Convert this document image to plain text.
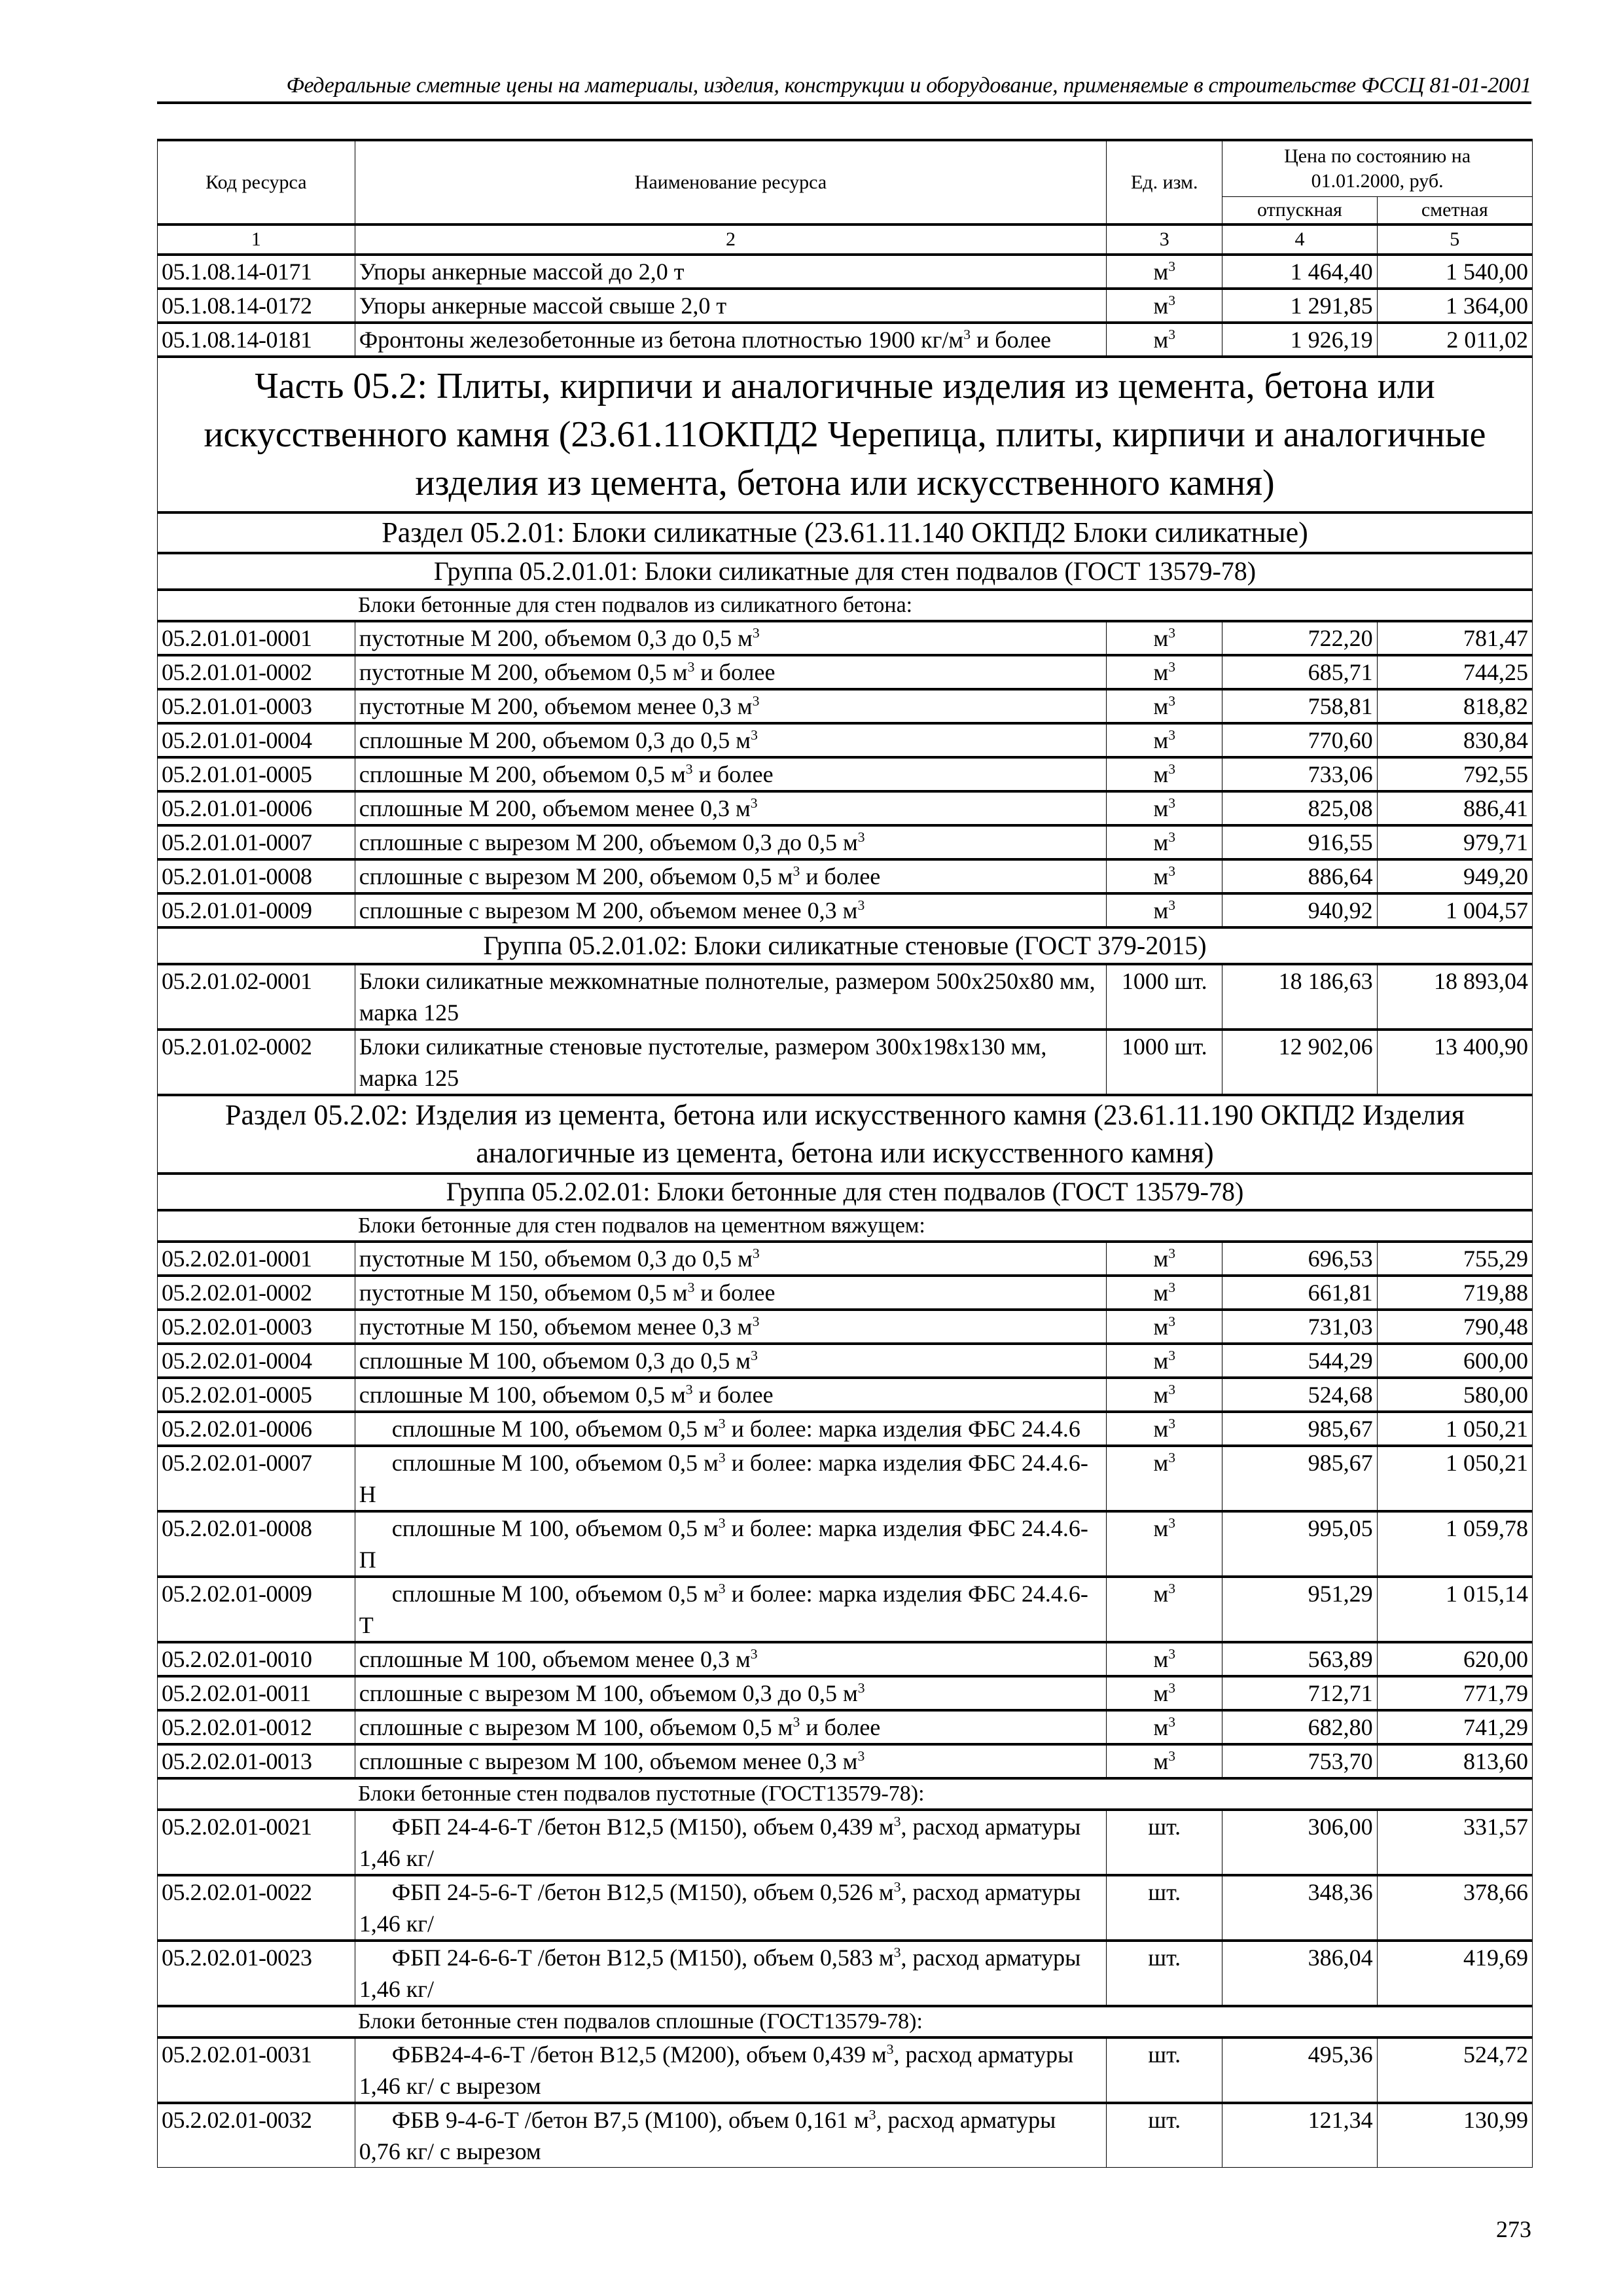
Федеральные сметные цены на материалы, изделия, конструкции и оборудование, применяемые в строительстве ФССЦ 81-01-2001
Код ресурса	Наименование ресурса	Ед. изм.	Цена по состоянию на 01.01.2000, руб.	
			отпускная	сметная
1	2	3	4	5
05.1.08.14-0171	Упоры анкерные массой до 2,0 т	$м^3$	1 464,40	1 540,00
05.1.08.14-0172	Упоры анкерные массой свыше 2,0 т	$м^3$	1 291,85	1 364,00
05.1.08.14-0181	Фронтоны железобетонные из бетона плотностью 1900 $кг/м^3$ и более	$м^3$	1 926,19	2 011,02
Часть 05.2: Плиты, кирпичи и аналогичные изделия из цемента, бетона или искусственного камня (23.61.11ОКПД2 Черепица, плиты, кирпичи и аналогичные изделия из цемента, бетона или искусственного камня)				
Раздел 05.2.01: Блоки силикатные (23.61.11.140 ОКПД2 Блоки силикатные)				
Группа 05.2.01.01: Блоки силикатные для стен подвалов (ГОСТ 13579-78)				
Блоки бетонные для стен подвалов из силикатного бетона:				
05.2.01.01-0001	пустотные М 200, объемом 0,3 до 0,5 $м^3$	$м^3$	722,20	781,47
05.2.01.01-0002	пустотные М 200, объемом 0,5 $м^3$ и более	$м^3$	685,71	744,25
05.2.01.01-0003	пустотные М 200, объемом менее 0,3 $м^3$	$м^3$	758,81	818,82
05.2.01.01-0004	сплошные М 200, объемом 0,3 до 0,5 $м^3$	$м^3$	770,60	830,84
05.2.01.01-0005	сплошные М 200, объемом 0,5 $м^3$ и более	$м^3$	733,06	792,55
05.2.01.01-0006	сплошные М 200, объемом менее 0,3 $м^3$	$м^3$	825,08	886,41
05.2.01.01-0007	сплошные с вырезом М 200, объемом 0,3 до 0,5 $м^3$	$м^3$	916,55	979,71
05.2.01.01-0008	сплошные с вырезом М 200, объемом 0,5 $м^3$ и более	$м^3$	886,64	949,20
05.2.01.01-0009	сплошные с вырезом М 200, объемом менее 0,3 $м^3$	$м^3$	940,92	1 004,57
Группа 05.2.01.02: Блоки силикатные стеновые (ГОСТ 379-2015)				
05.2.01.02-0001	Блоки силикатные межкомнатные полнотелые, размером 500х250х80 мм, марка 125	1000 шт.	18 186,63	18 893,04
05.2.01.02-0002	Блоки силикатные стеновые пустотелые, размером 300х198х130 мм, марка 125	1000 шт.	12 902,06	13 400,90
Раздел 05.2.02: Изделия из цемента, бетона или искусственного камня (23.61.11.190 ОКПД2 Изделия аналогичные из цемента, бетона или искусственного камня)				
Группа 05.2.02.01: Блоки бетонные для стен подвалов (ГОСТ 13579-78)				
Блоки бетонные для стен подвалов на цементном вяжущем:				
05.2.02.01-0001	пустотные М 150, объемом 0,3 до 0,5 $м^3$	$м^3$	696,53	755,29
05.2.02.01-0002	пустотные М 150, объемом 0,5 $м^3$ и более	$м^3$	661,81	719,88
05.2.02.01-0003	пустотные М 150, объемом менее 0,3 $м^3$	$м^3$	731,03	790,48
05.2.02.01-0004	сплошные М 100, объемом 0,3 до 0,5 $м^3$	$м^3$	544,29	600,00
05.2.02.01-0005	сплошные М 100, объемом 0,5 $м^3$ и более	$м^3$	524,68	580,00
05.2.02.01-0006	сплошные М 100, объемом 0,5 $м^3$ и более: марка изделия ФБС 24.4.6	$м^3$	985,67	1 050,21
05.2.02.01-0007	сплошные М 100, объемом 0,5 $м^3$ и более: марка изделия ФБС 24.4.6-Н	$м^3$	985,67	1 050,21
05.2.02.01-0008	сплошные М 100, объемом 0,5 $м^3$ и более: марка изделия ФБС 24.4.6-П	$м^3$	995,05	1 059,78
05.2.02.01-0009	сплошные М 100, объемом 0,5 $м^3$ и более: марка изделия ФБС 24.4.6-Т	$м^3$	951,29	1 015,14
05.2.02.01-0010	сплошные М 100, объемом менее 0,3 $м^3$	$м^3$	563,89	620,00
05.2.02.01-0011	сплошные с вырезом М 100, объемом 0,3 до 0,5 $м^3$	$м^3$	712,71	771,79
05.2.02.01-0012	сплошные с вырезом М 100, объемом 0,5 $м^3$ и более	$м^3$	682,80	741,29
05.2.02.01-0013	сплошные с вырезом М 100, объемом менее 0,3 $м^3$	$м^3$	753,70	813,60
Блоки бетонные стен подвалов пустотные (ГОСТ13579-78):				
05.2.02.01-0021	ФБП 24-4-6-Т /бетон В12,5 (М150), объем 0,439 $м^3$, расход арматуры 1,46 кг/	шт.	306,00	331,57
05.2.02.01-0022	ФБП 24-5-6-Т /бетон В12,5 (М150), объем 0,526 $м^3$, расход арматуры 1,46 кг/	шт.	348,36	378,66
05.2.02.01-0023	ФБП 24-6-6-Т /бетон В12,5 (М150), объем 0,583 $м^3$, расход арматуры 1,46 кг/	шт.	386,04	419,69
Блоки бетонные стен подвалов сплошные (ГОСТ13579-78):				
05.2.02.01-0031	ФБВ24-4-6-Т /бетон В12,5 (М200), объем 0,439 $м^3$, расход арматуры 1,46 кг/ с вырезом	шт.	495,36	524,72
05.2.02.01-0032	ФБВ 9-4-6-Т /бетон В7,5 (М100), объем 0,161 $м^3$, расход арматуры 0,76 кг/ с вырезом	шт.	121,34	130,99
273
